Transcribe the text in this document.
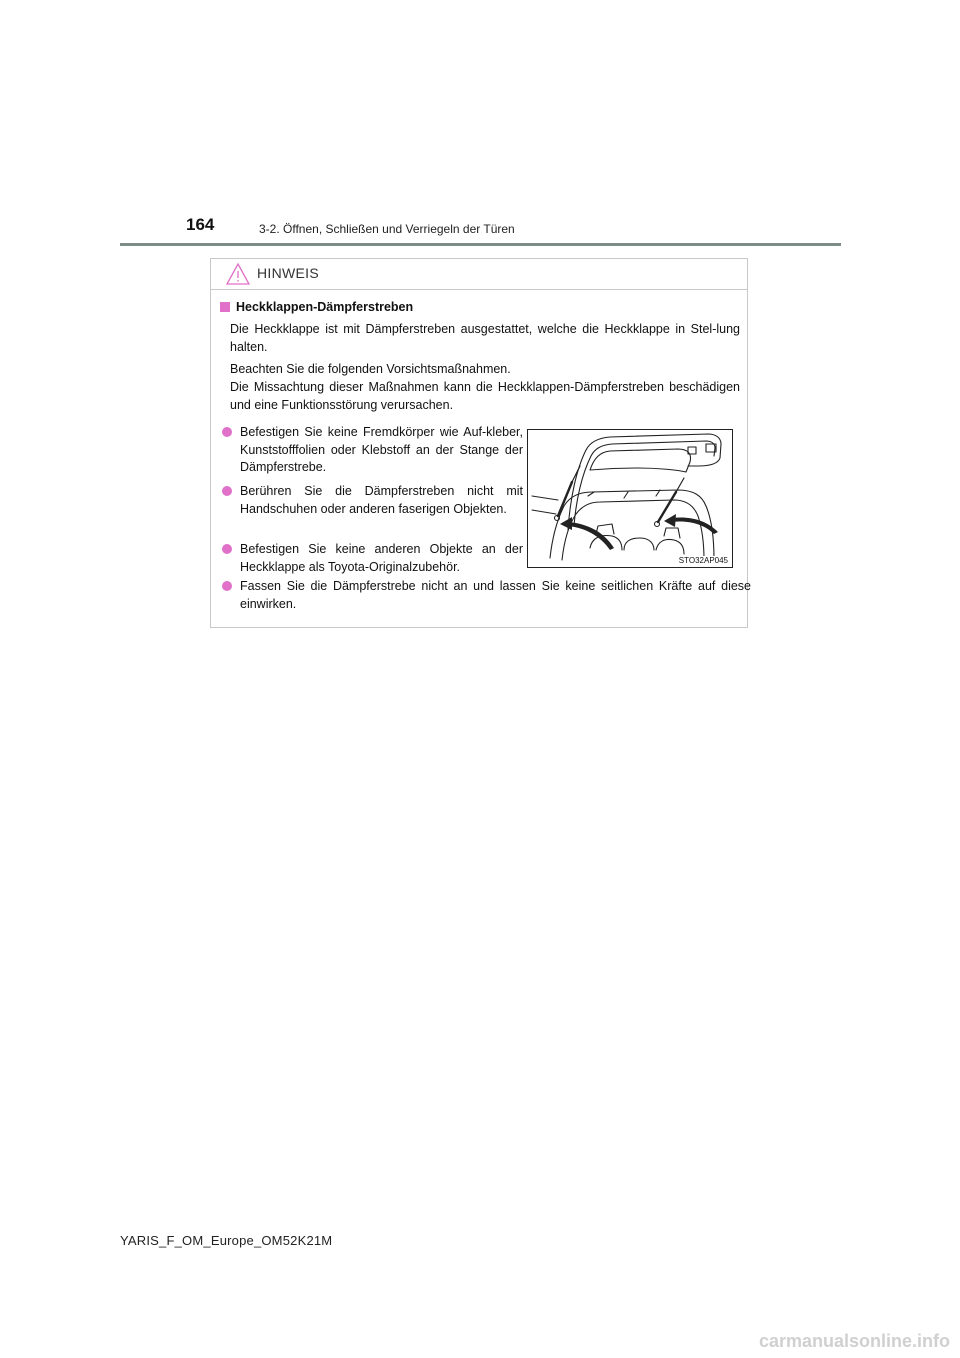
164	3-2. Öffnen, Schließen und Verriegeln der Türen
HINWEIS
Heckklappen-Dämpferstreben

Die Heckklappe ist mit Dämpferstreben ausgestattet, welche die Heckklappe in Stel-lung halten.

Beachten Sie die folgenden Vorsichtsmaßnahmen.

Die Missachtung dieser Maßnahmen kann die Heckklappen-Dämpferstreben beschädigen und eine Funktionsstörung verursachen.

Befestigen Sie keine Fremdkörper wie Auf-kleber, Kunststofffolien oder Klebstoff an der Stange der Dämpferstrebe.

Berühren Sie die Dämpferstreben nicht mit Handschuhen oder anderen faserigen Objekten.

Befestigen Sie keine anderen Objekte an der Heckklappe als Toyota-Originalzubehör.

Fassen Sie die Dämpferstrebe nicht an und lassen Sie keine seitlichen Kräfte auf diese einwirken.

STO32AP045
YARIS_F_OM_Europe_OM52K21M
carmanualsonline.info
